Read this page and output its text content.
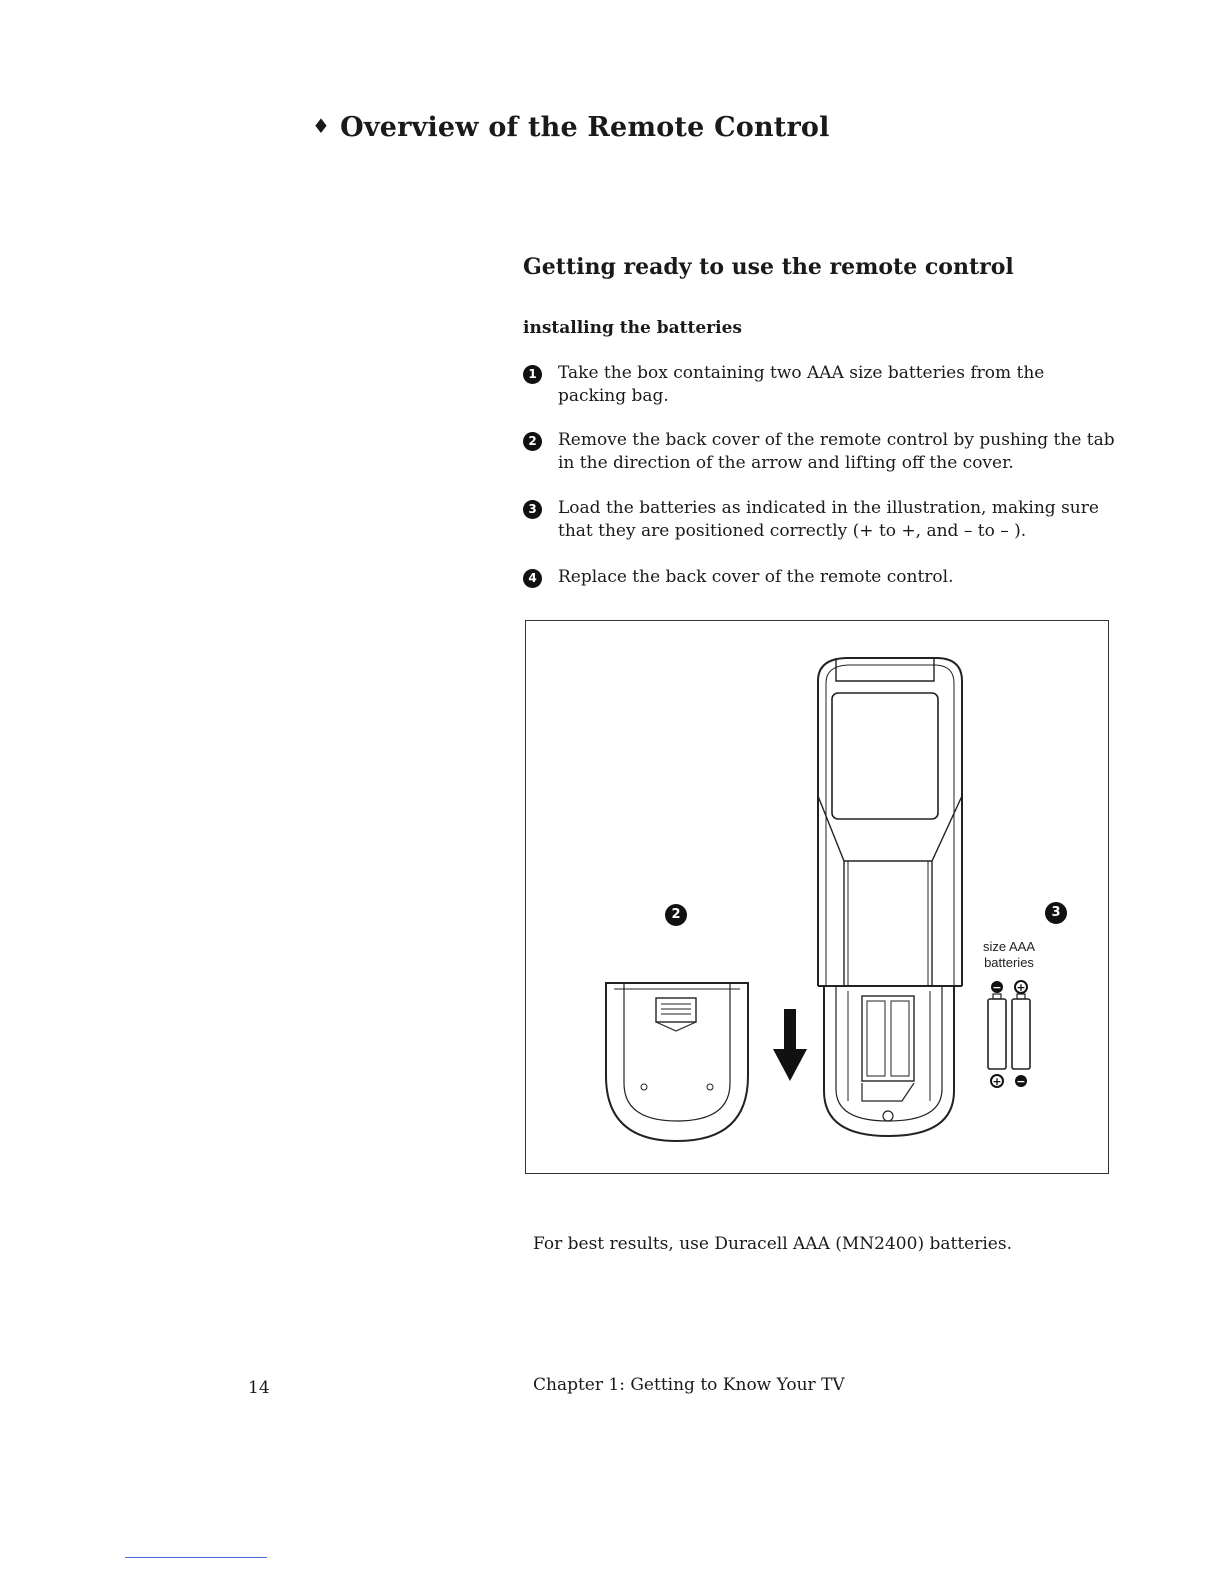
♦ Overview of the Remote Control
Getting ready to use the remote control
installing the batteries
1	Take the box containing two AAA size batteries from the packing bag.
2	Remove the back cover of the remote control by pushing the tab in the direction of the arrow and lifting off the cover.
3	Load the batteries as indicated in the illustration, making sure that they are positioned correctly (+ to +, and – to – ).
4	Replace the back cover of the remote control.
− +
+ −
2	3
size AAA
batteries

For best results, use Duracell AAA (MN2400) batteries.

14	Chapter 1: Getting to Know Your TV
